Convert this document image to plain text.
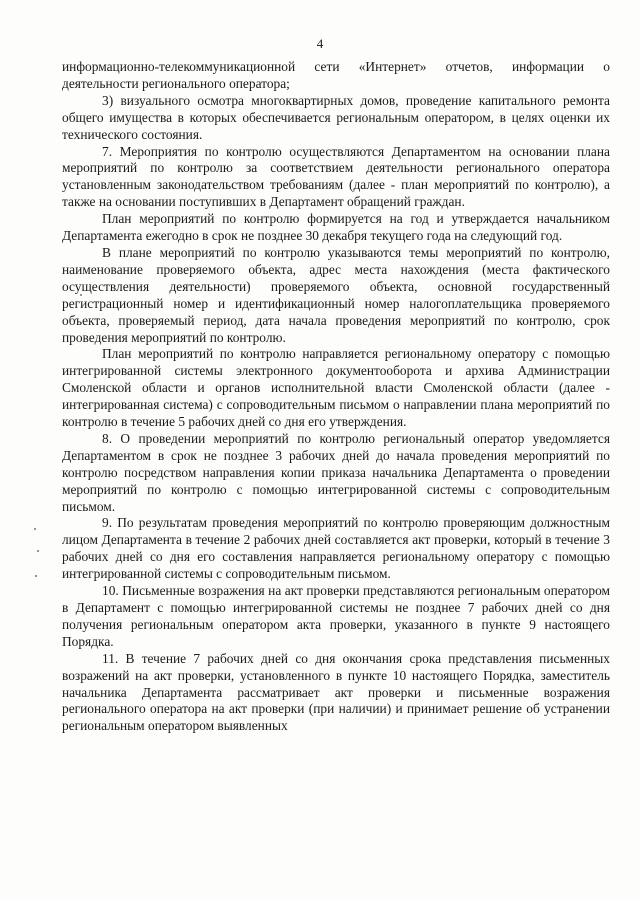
4

информационно-телекоммуникационной сети «Интернет» отчетов, информации о деятельности регионального оператора;

3) визуального осмотра многоквартирных домов, проведение капитального ремонта общего имущества в которых обеспечивается региональным оператором, в целях оценки их технического состояния.

7. Мероприятия по контролю осуществляются Департаментом на основании плана мероприятий по контролю за соответствием деятельности регионального оператора установленным законодательством требованиям (далее - план мероприятий по контролю), а также на основании поступивших в Департамент обращений граждан.

План мероприятий по контролю формируется на год и утверждается начальником Департамента ежегодно в срок не позднее 30 декабря текущего года на следующий год.

В плане мероприятий по контролю указываются темы мероприятий по контролю, наименование проверяемого объекта, адрес места нахождения (места фактического осуществления деятельности) проверяемого объекта, основной государственный регистрационный номер и идентификационный номер налогоплательщика проверяемого объекта, проверяемый период, дата начала проведения мероприятий по контролю, срок проведения мероприятий по контролю.

План мероприятий по контролю направляется региональному оператору с помощью интегрированной системы электронного документооборота и архива Администрации Смоленской области и органов исполнительной власти Смоленской области (далее - интегрированная система) с сопроводительным письмом о направлении плана мероприятий по контролю в течение 5 рабочих дней со дня его утверждения.

8. О проведении мероприятий по контролю региональный оператор уведомляется Департаментом в срок не позднее 3 рабочих дней до начала проведения мероприятий по контролю посредством направления копии приказа начальника Департамента о проведении мероприятий по контролю с помощью интегрированной системы с сопроводительным письмом.

9. По результатам проведения мероприятий по контролю проверяющим должностным лицом Департамента в течение 2 рабочих дней составляется акт проверки, который в течение 3 рабочих дней со дня его составления направляется региональному оператору с помощью интегрированной системы с сопроводительным письмом.

10. Письменные возражения на акт проверки представляются региональным оператором в Департамент с помощью интегрированной системы не позднее 7 рабочих дней со дня получения региональным оператором акта проверки, указанного в пункте 9 настоящего Порядка.

11. В течение 7 рабочих дней со дня окончания срока представления письменных возражений на акт проверки, установленного в пункте 10 настоящего Порядка, заместитель начальника Департамента рассматривает акт проверки и письменные возражения регионального оператора на акт проверки (при наличии) и принимает решение об устранении региональным оператором выявленных
